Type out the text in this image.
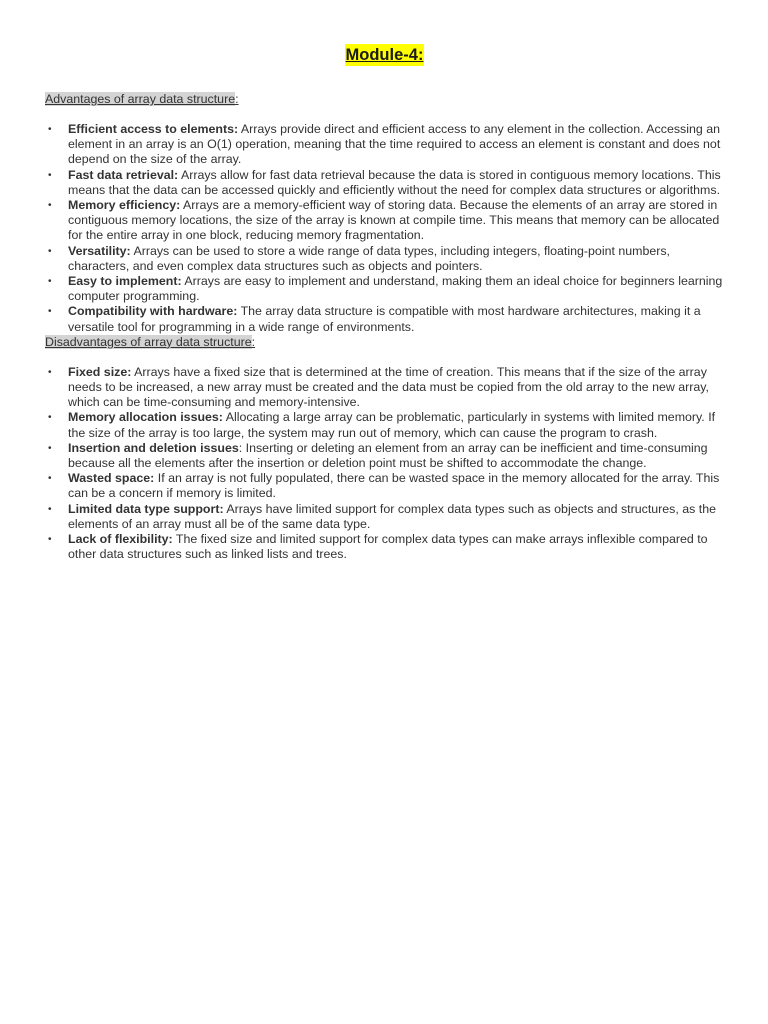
Module-4:

Advantages of array data structure:

• Efficient access to elements: Arrays provide direct and efficient access to any element in the collection. Accessing an element in an array is an O(1) operation, meaning that the time required to access an element is constant and does not depend on the size of the array.
• Fast data retrieval: Arrays allow for fast data retrieval because the data is stored in contiguous memory locations. This means that the data can be accessed quickly and efficiently without the need for complex data structures or algorithms.
• Memory efficiency: Arrays are a memory-efficient way of storing data. Because the elements of an array are stored in contiguous memory locations, the size of the array is known at compile time. This means that memory can be allocated for the entire array in one block, reducing memory fragmentation.
• Versatility: Arrays can be used to store a wide range of data types, including integers, floating-point numbers, characters, and even complex data structures such as objects and pointers.
• Easy to implement: Arrays are easy to implement and understand, making them an ideal choice for beginners learning computer programming.
• Compatibility with hardware: The array data structure is compatible with most hardware architectures, making it a versatile tool for programming in a wide range of environments.

Disadvantages of array data structure:

• Fixed size: Arrays have a fixed size that is determined at the time of creation. This means that if the size of the array needs to be increased, a new array must be created and the data must be copied from the old array to the new array, which can be time-consuming and memory-intensive.
• Memory allocation issues: Allocating a large array can be problematic, particularly in systems with limited memory. If the size of the array is too large, the system may run out of memory, which can cause the program to crash.
• Insertion and deletion issues: Inserting or deleting an element from an array can be inefficient and time-consuming because all the elements after the insertion or deletion point must be shifted to accommodate the change.
• Wasted space: If an array is not fully populated, there can be wasted space in the memory allocated for the array. This can be a concern if memory is limited.
• Limited data type support: Arrays have limited support for complex data types such as objects and structures, as the elements of an array must all be of the same data type.
• Lack of flexibility: The fixed size and limited support for complex data types can make arrays inflexible compared to other data structures such as linked lists and trees.
